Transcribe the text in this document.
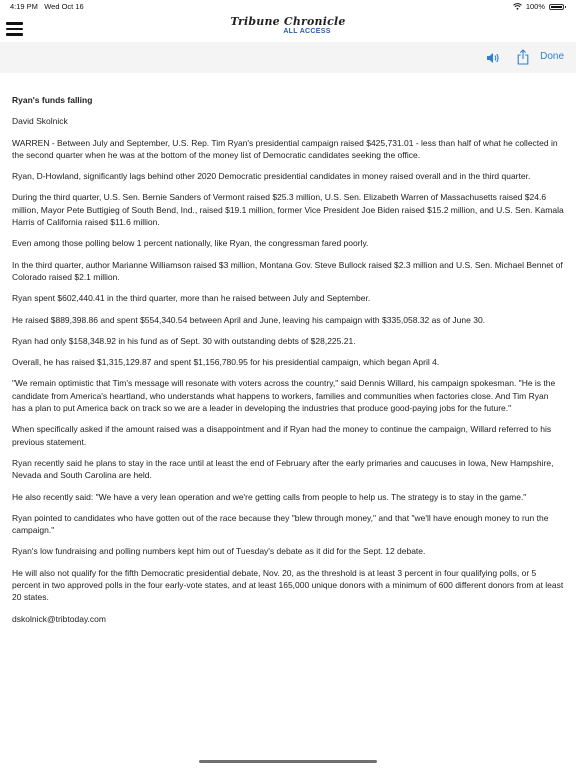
4:19 PM Wed Oct 16	100%
Tribune Chronicle
ALL ACCESS
Done

Ryan's funds falling

David Skolnick

WARREN - Between July and September, U.S. Rep. Tim Ryan's presidential campaign raised $425,731.01 - less than half of what he collected in the second quarter when he was at the bottom of the money list of Democratic candidates seeking the office.

Ryan, D-Howland, significantly lags behind other 2020 Democratic presidential candidates in money raised overall and in the third quarter.

During the third quarter, U.S. Sen. Bernie Sanders of Vermont raised $25.3 million, U.S. Sen. Elizabeth Warren of Massachusetts raised $24.6 million, Mayor Pete Buttigieg of South Bend, Ind., raised $19.1 million, former Vice President Joe Biden raised $15.2 million, and U.S. Sen. Kamala Harris of California raised $11.6 million.

Even among those polling below 1 percent nationally, like Ryan, the congressman fared poorly.

In the third quarter, author Marianne Williamson raised $3 million, Montana Gov. Steve Bullock raised $2.3 million and U.S. Sen. Michael Bennet of Colorado raised $2.1 million.

Ryan spent $602,440.41 in the third quarter, more than he raised between July and September.

He raised $889,398.86 and spent $554,340.54 between April and June, leaving his campaign with $335,058.32 as of June 30.

Ryan had only $158,348.92 in his fund as of Sept. 30 with outstanding debts of $28,225.21.

Overall, he has raised $1,315,129.87 and spent $1,156,780.95 for his presidential campaign, which began April 4.

"We remain optimistic that Tim's message will resonate with voters across the country," said Dennis Willard, his campaign spokesman. "He is the candidate from America's heartland, who understands what happens to workers, families and communities when factories close. And Tim Ryan has a plan to put America back on track so we are a leader in developing the industries that produce good-paying jobs for the future."

When specifically asked if the amount raised was a disappointment and if Ryan had the money to continue the campaign, Willard referred to his previous statement.

Ryan recently said he plans to stay in the race until at least the end of February after the early primaries and caucuses in Iowa, New Hampshire, Nevada and South Carolina are held.

He also recently said: "We have a very lean operation and we're getting calls from people to help us. The strategy is to stay in the game."

Ryan pointed to candidates who have gotten out of the race because they "blew through money," and that "we'll have enough money to run the campaign."

Ryan's low fundraising and polling numbers kept him out of Tuesday's debate as it did for the Sept. 12 debate.

He will also not qualify for the fifth Democratic presidential debate, Nov. 20, as the threshold is at least 3 percent in four qualifying polls, or 5 percent in two approved polls in the four early-vote states, and at least 165,000 unique donors with a minimum of 600 different donors from at least 20 states.

dskolnick@tribtoday.com
